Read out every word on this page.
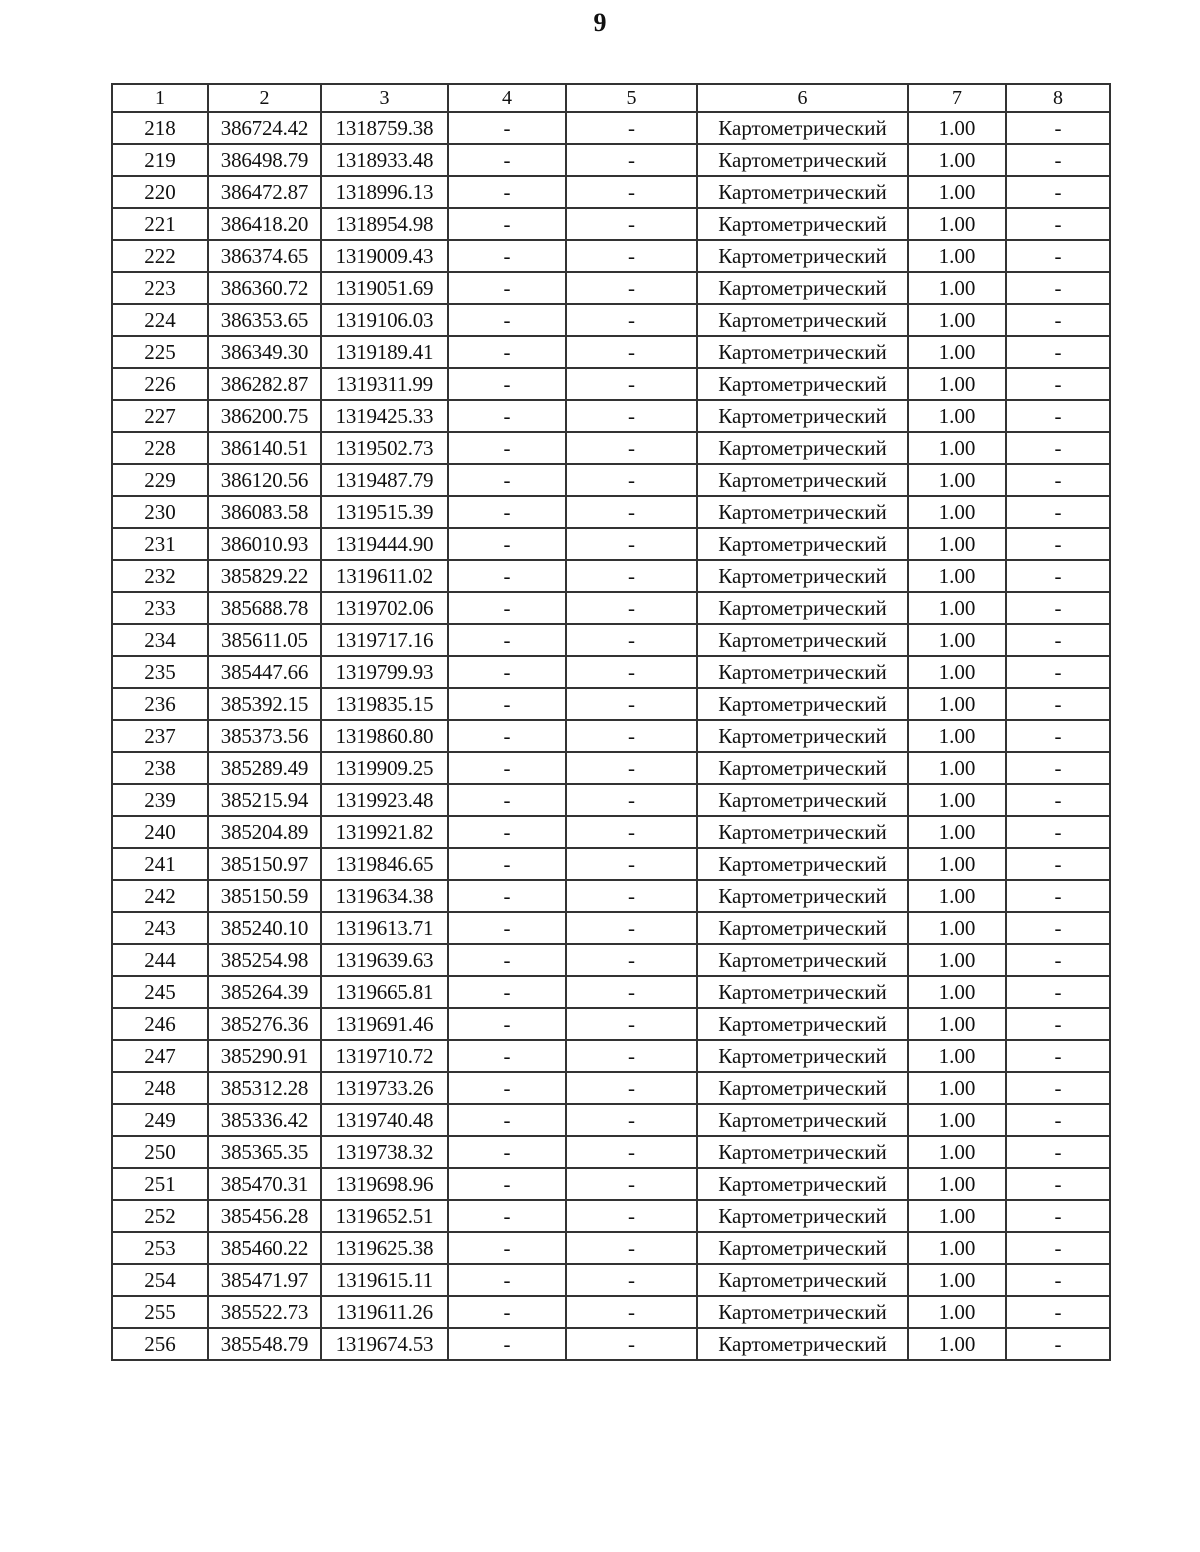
9
1	2	3	4	5	6	7	8
218	386724.42	1318759.38	-	-	Картометрический	1.00	-
219	386498.79	1318933.48	-	-	Картометрический	1.00	-
220	386472.87	1318996.13	-	-	Картометрический	1.00	-
221	386418.20	1318954.98	-	-	Картометрический	1.00	-
222	386374.65	1319009.43	-	-	Картометрический	1.00	-
223	386360.72	1319051.69	-	-	Картометрический	1.00	-
224	386353.65	1319106.03	-	-	Картометрический	1.00	-
225	386349.30	1319189.41	-	-	Картометрический	1.00	-
226	386282.87	1319311.99	-	-	Картометрический	1.00	-
227	386200.75	1319425.33	-	-	Картометрический	1.00	-
228	386140.51	1319502.73	-	-	Картометрический	1.00	-
229	386120.56	1319487.79	-	-	Картометрический	1.00	-
230	386083.58	1319515.39	-	-	Картометрический	1.00	-
231	386010.93	1319444.90	-	-	Картометрический	1.00	-
232	385829.22	1319611.02	-	-	Картометрический	1.00	-
233	385688.78	1319702.06	-	-	Картометрический	1.00	-
234	385611.05	1319717.16	-	-	Картометрический	1.00	-
235	385447.66	1319799.93	-	-	Картометрический	1.00	-
236	385392.15	1319835.15	-	-	Картометрический	1.00	-
237	385373.56	1319860.80	-	-	Картометрический	1.00	-
238	385289.49	1319909.25	-	-	Картометрический	1.00	-
239	385215.94	1319923.48	-	-	Картометрический	1.00	-
240	385204.89	1319921.82	-	-	Картометрический	1.00	-
241	385150.97	1319846.65	-	-	Картометрический	1.00	-
242	385150.59	1319634.38	-	-	Картометрический	1.00	-
243	385240.10	1319613.71	-	-	Картометрический	1.00	-
244	385254.98	1319639.63	-	-	Картометрический	1.00	-
245	385264.39	1319665.81	-	-	Картометрический	1.00	-
246	385276.36	1319691.46	-	-	Картометрический	1.00	-
247	385290.91	1319710.72	-	-	Картометрический	1.00	-
248	385312.28	1319733.26	-	-	Картометрический	1.00	-
249	385336.42	1319740.48	-	-	Картометрический	1.00	-
250	385365.35	1319738.32	-	-	Картометрический	1.00	-
251	385470.31	1319698.96	-	-	Картометрический	1.00	-
252	385456.28	1319652.51	-	-	Картометрический	1.00	-
253	385460.22	1319625.38	-	-	Картометрический	1.00	-
254	385471.97	1319615.11	-	-	Картометрический	1.00	-
255	385522.73	1319611.26	-	-	Картометрический	1.00	-
256	385548.79	1319674.53	-	-	Картометрический	1.00	-
